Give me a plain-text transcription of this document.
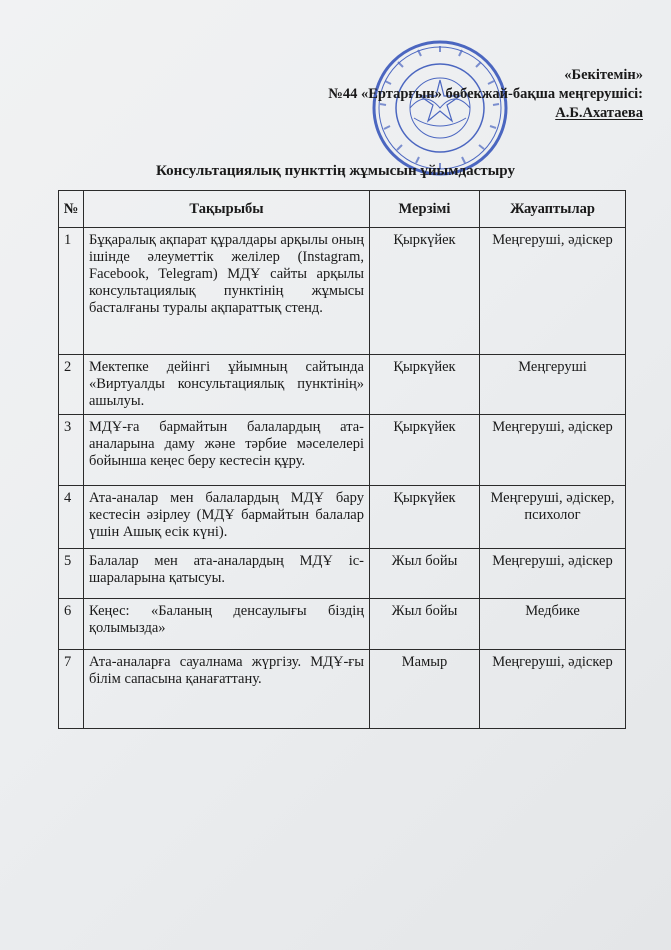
«Бекітемін»
№44 «Ертарғын» бөбекжай-бақша меңгерушісі:
А.Б.Ахатаева
Консультациялық пункттің жұмысын ұйымдастыру
№	Тақырыбы	Мерзімі	Жауаптылар
1	Бұқаралық ақпарат құралдары арқылы оның ішінде әлеуметтік желілер (Instagram, Facebook, Telegram) МДҰ сайты арқылы консультациялық пунктінің жұмысы басталғаны туралы ақпараттық стенд.	Қыркүйек	Меңгеруші, әдіскер
2	Мектепке дейінгі ұйымның сайтында «Виртуалды консультациялық пунктінің» ашылуы.	Қыркүйек	Меңгеруші
3	МДҰ-ға бармайтын балалардың ата-аналарына даму және тәрбие мәселелері бойынша кеңес беру кестесін құру.	Қыркүйек	Меңгеруші, әдіскер
4	Ата-аналар мен балалардың МДҰ бару кестесін әзірлеу (МДҰ бармайтын балалар үшін Ашық есік күні).	Қыркүйек	Меңгеруші, әдіскер, психолог
5	Балалар мен ата-аналардың МДҰ іс-шараларына қатысуы.	Жыл бойы	Меңгеруші, әдіскер
6	Кеңес: «Баланың денсаулығы біздің қолымызда»	Жыл бойы	Медбике
7	Ата-аналарға сауалнама жүргізу. МДҰ-ғы білім сапасына қанағаттану.	Мамыр	Меңгеруші, әдіскер
